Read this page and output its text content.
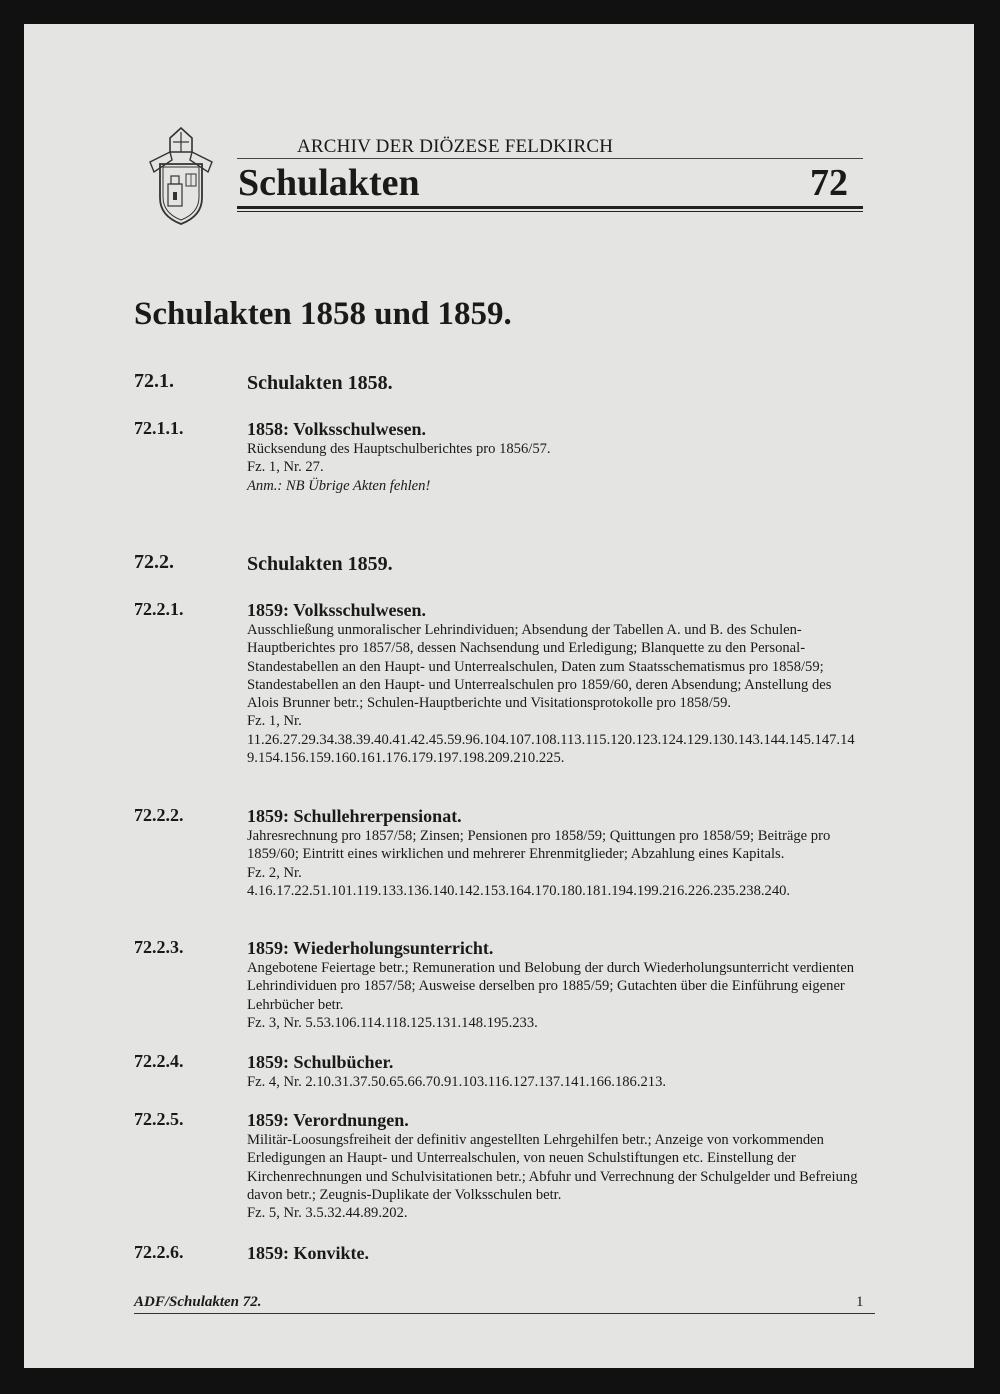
ARCHIV DER DIÖZESE FELDKIRCH
Schulakten	72
Schulakten 1858 und 1859.
72.1.	Schulakten 1858.
72.1.1.	1858: Volksschulwesen.
Rücksendung des Hauptschulberichtes pro 1856/57.
Fz. 1, Nr. 27.
Anm.: NB Übrige Akten fehlen!
72.2.	Schulakten 1859.
72.2.1.	1859: Volksschulwesen.
Ausschließung unmoralischer Lehrindividuen; Absendung der Tabellen A. und B. des Schulen-Hauptberichtes pro 1857/58, dessen Nachsendung und Erledigung; Blanquette zu den Personal-Standestabellen an den Haupt- und Unterrealschulen, Daten zum Staatsschematismus pro 1858/59; Standestabellen an den Haupt- und Unterrealschulen pro 1859/60, deren Absendung; Anstellung des Alois Brunner betr.; Schulen-Hauptberichte und Visitationsprotokolle pro 1858/59.
Fz. 1, Nr.
11.26.27.29.34.38.39.40.41.42.45.59.96.104.107.108.113.115.120.123.124.129.130.143.144.145.147.149.154.156.159.160.161.176.179.197.198.209.210.225.
72.2.2.	1859: Schullehrerpensionat.
Jahresrechnung pro 1857/58; Zinsen; Pensionen pro 1858/59; Quittungen pro 1858/59; Beiträge pro 1859/60; Eintritt eines wirklichen und mehrerer Ehrenmitglieder; Abzahlung eines Kapitals.
Fz. 2, Nr.
4.16.17.22.51.101.119.133.136.140.142.153.164.170.180.181.194.199.216.226.235.238.240.
72.2.3.	1859: Wiederholungsunterricht.
Angebotene Feiertage betr.; Remuneration und Belobung der durch Wiederholungsunterricht verdienten Lehrindividuen pro 1857/58; Ausweise derselben pro 1885/59; Gutachten über die Einführung eigener Lehrbücher betr.
Fz. 3, Nr. 5.53.106.114.118.125.131.148.195.233.
72.2.4.	1859: Schulbücher.
Fz. 4, Nr. 2.10.31.37.50.65.66.70.91.103.116.127.137.141.166.186.213.
72.2.5.	1859: Verordnungen.
Militär-Loosungsfreiheit der definitiv angestellten Lehrgehilfen betr.; Anzeige von vorkommenden Erledigungen an Haupt- und Unterrealschulen, von neuen Schulstiftungen etc. Einstellung der Kirchenrechnungen und Schulvisitationen betr.; Abfuhr und Verrechnung der Schulgelder und Befreiung davon betr.; Zeugnis-Duplikate der Volksschulen betr.
Fz. 5, Nr. 3.5.32.44.89.202.
72.2.6.	1859: Konvikte.
ADF/Schulakten 72.	1
